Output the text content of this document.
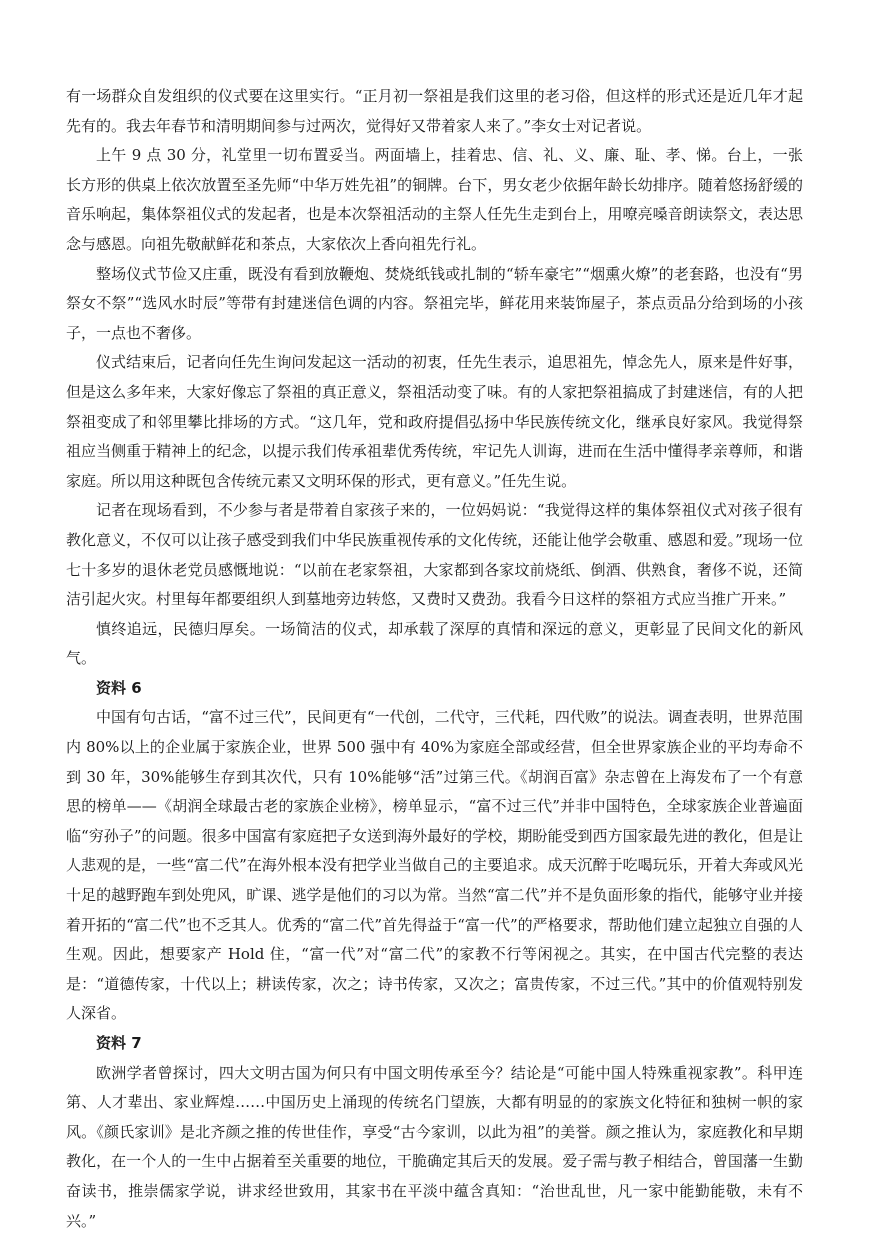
有一场群众自发组织的仪式要在这里实行。“正月初一祭祖是我们这里的老习俗，但这样的形式还是近几年才起先有的。我去年春节和清明期间参与过两次，觉得好又带着家人来了。”李女士对记者说。

上午 9 点 30 分，礼堂里一切布置妥当。两面墙上，挂着忠、信、礼、义、廉、耻、孝、悌。台上，一张长方形的供桌上依次放置至圣先师“中华万姓先祖”的铜牌。台下，男女老少依据年龄长幼排序。随着悠扬舒缓的音乐响起，集体祭祖仪式的发起者，也是本次祭祖活动的主祭人任先生走到台上，用嘹亮嗓音朗读祭文，表达思念与感恩。向祖先敬献鲜花和茶点，大家依次上香向祖先行礼。

整场仪式节俭又庄重，既没有看到放鞭炮、焚烧纸钱或扎制的“轿车豪宅”“烟熏火燎”的老套路，也没有“男祭女不祭”“选风水时辰”等带有封建迷信色调的内容。祭祖完毕，鲜花用来装饰屋子，茶点贡品分给到场的小孩子，一点也不奢侈。

仪式结束后，记者向任先生询问发起这一活动的初衷，任先生表示，追思祖先，悼念先人，原来是件好事，但是这么多年来，大家好像忘了祭祖的真正意义，祭祖活动变了味。有的人家把祭祖搞成了封建迷信，有的人把祭祖变成了和邻里攀比排场的方式。“这几年，党和政府提倡弘扬中华民族传统文化，继承良好家风。我觉得祭祖应当侧重于精神上的纪念，以提示我们传承祖辈优秀传统，牢记先人训诲，进而在生活中懂得孝亲尊师，和谐家庭。所以用这种既包含传统元素又文明环保的形式，更有意义。”任先生说。

记者在现场看到，不少参与者是带着自家孩子来的，一位妈妈说：“我觉得这样的集体祭祖仪式对孩子很有教化意义，不仅可以让孩子感受到我们中华民族重视传承的文化传统，还能让他学会敬重、感恩和爱。”现场一位七十多岁的退休老党员感慨地说：“以前在老家祭祖，大家都到各家坟前烧纸、倒酒、供熟食，奢侈不说，还简洁引起火灾。村里每年都要组织人到墓地旁边转悠，又费时又费劲。我看今日这样的祭祖方式应当推广开来。”

慎终追远，民德归厚矣。一场简洁的仪式，却承载了深厚的真情和深远的意义，更彰显了民间文化的新风气。

资料 6

中国有句古话，“富不过三代”，民间更有“一代创，二代守，三代耗，四代败”的说法。调查表明，世界范围内 80%以上的企业属于家族企业，世界 500 强中有 40%为家庭全部或经营，但全世界家族企业的平均寿命不到 30 年，30%能够生存到其次代，只有 10%能够“活”过第三代。《胡润百富》杂志曾在上海发布了一个有意思的榜单——《胡润全球最古老的家族企业榜》，榜单显示，“富不过三代”并非中国特色，全球家族企业普遍面临“穷孙子”的问题。很多中国富有家庭把子女送到海外最好的学校，期盼能受到西方国家最先进的教化，但是让人悲观的是，一些“富二代”在海外根本没有把学业当做自己的主要追求。成天沉醉于吃喝玩乐，开着大奔或风光十足的越野跑车到处兜风，旷课、逃学是他们的习以为常。当然“富二代”并不是负面形象的指代，能够守业并接着开拓的“富二代”也不乏其人。优秀的“富二代”首先得益于“富一代”的严格要求，帮助他们建立起独立自强的人生观。因此，想要家产 Hold 住，“富一代”对“富二代”的家教不行等闲视之。其实，在中国古代完整的表达是：“道德传家，十代以上；耕读传家，次之；诗书传家，又次之；富贵传家，不过三代。”其中的价值观特别发人深省。

资料 7

欧洲学者曾探讨，四大文明古国为何只有中国文明传承至今？结论是“可能中国人特殊重视家教”。科甲连第、人才辈出、家业辉煌……中国历史上涌现的传统名门望族，大都有明显的的家族文化特征和独树一帜的家风。《颜氏家训》是北齐颜之推的传世佳作，享受“古今家训，以此为祖”的美誉。颜之推认为，家庭教化和早期教化，在一个人的一生中占据着至关重要的地位，干脆确定其后天的发展。爱子需与教子相结合，曾国藩一生勤奋读书，推崇儒家学说，讲求经世致用，其家书在平淡中蕴含真知：“治世乱世，凡一家中能勤能敬，未有不兴。”
